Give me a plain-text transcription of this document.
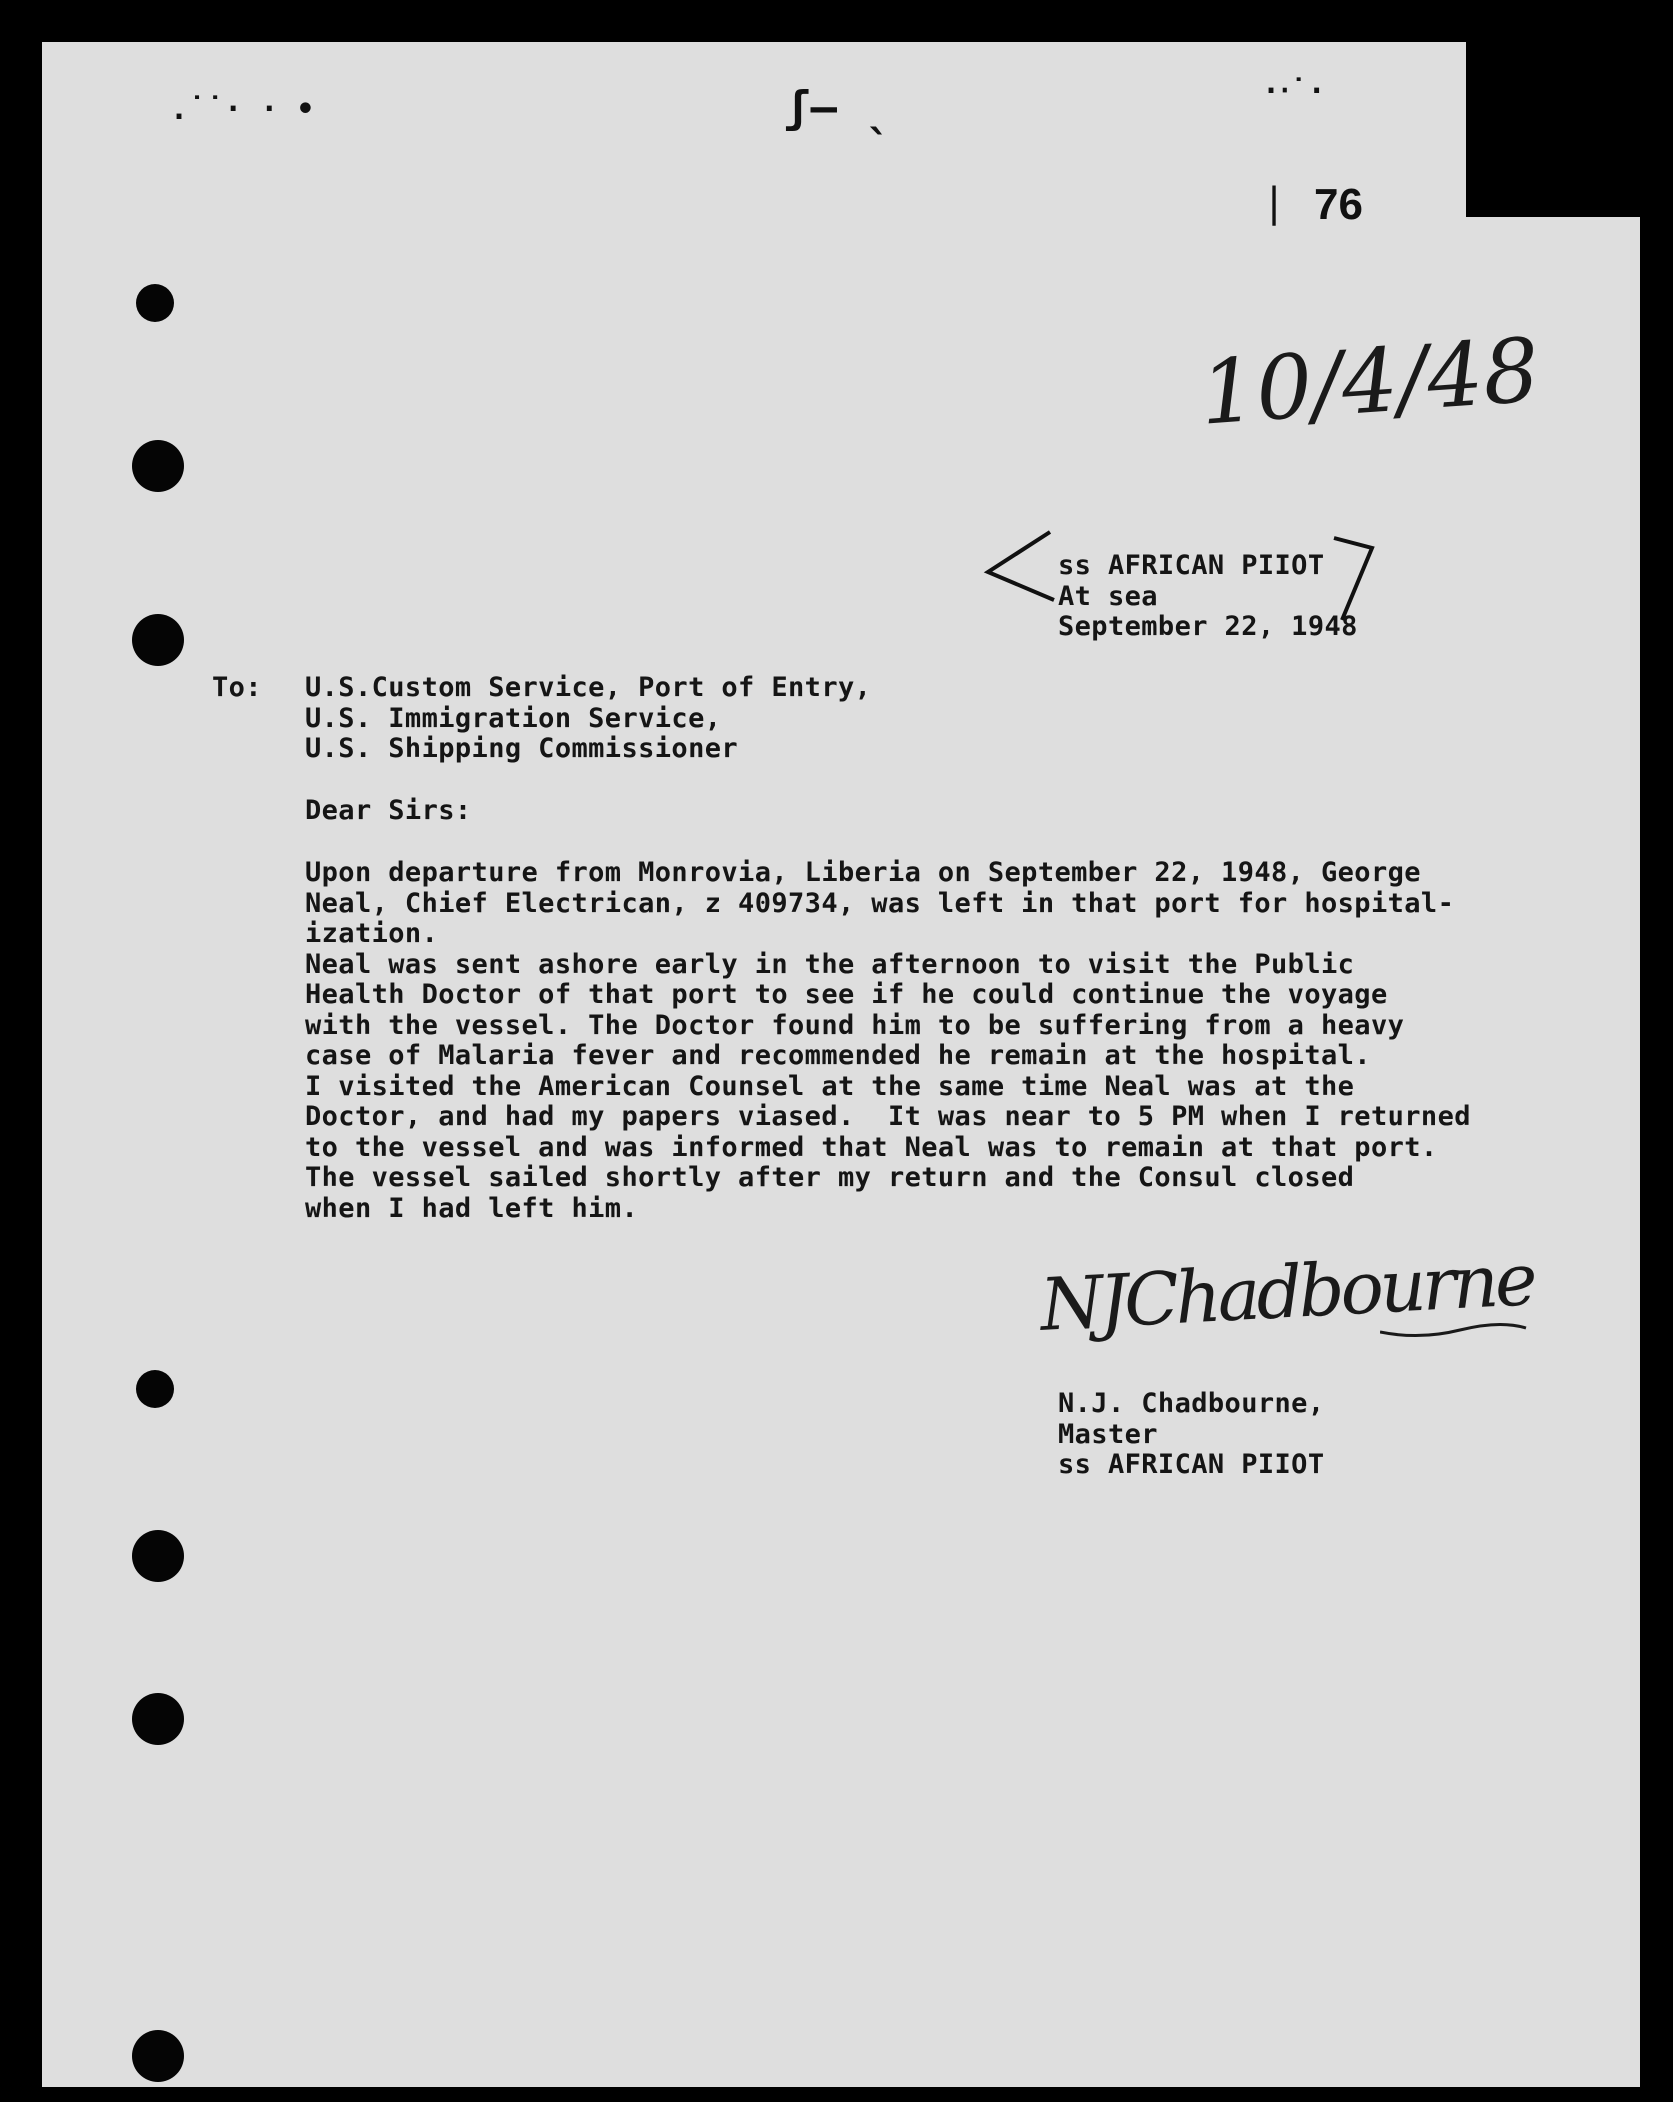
.˙˙· · •	ʃ— ˎ	·‧˙·
| 76
10/4/48
ss AFRICAN PIIOT
At sea
September 22, 1948
To: U.S.Custom Service, Port of Entry,
U.S. Immigration Service,
U.S. Shipping Commissioner
Dear Sirs:
Upon departure from Monrovia, Liberia on September 22, 1948, George
Neal, Chief Electrican, z 409734, was left in that port for hospital-
ization.
Neal was sent ashore early in the afternoon to visit the Public
Health Doctor of that port to see if he could continue the voyage
with the vessel. The Doctor found him to be suffering from a heavy
case of Malaria fever and recommended he remain at the hospital.
I visited the American Counsel at the same time Neal was at the
Doctor, and had my papers viased.  It was near to 5 PM when I returned
to the vessel and was informed that Neal was to remain at that port.
The vessel sailed shortly after my return and the Consul closed
when I had left him.
NJChadbourne
N.J. Chadbourne,
Master
ss AFRICAN PIIOT
